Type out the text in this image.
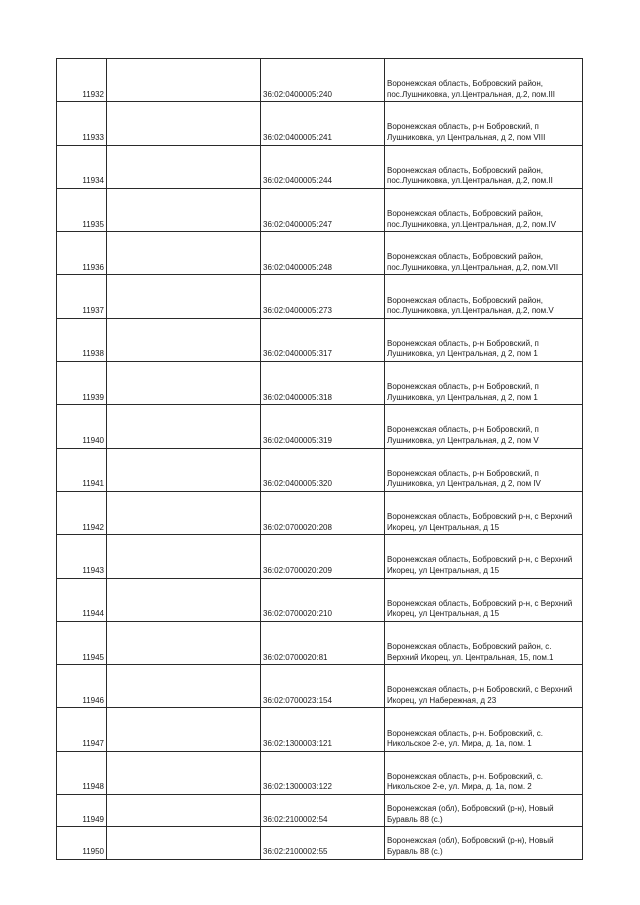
11932		36:02:0400005:240	Воронежская область, Бобровский район, пос.Лушниковка, ул.Центральная, д.2, пом.III
11933		36:02:0400005:241	Воронежская область, р-н Бобровский, п Лушниковка, ул Центральная, д 2, пом VIII
11934		36:02:0400005:244	Воронежская область, Бобровский район, пос.Лушниковка, ул.Центральная, д.2, пом.II
11935		36:02:0400005:247	Воронежская область, Бобровский район, пос.Лушниковка, ул.Центральная, д.2, пом.IV
11936		36:02:0400005:248	Воронежская область, Бобровский район, пос.Лушниковка, ул.Центральная, д.2, пом.VII
11937		36:02:0400005:273	Воронежская область, Бобровский район, пос.Лушниковка, ул.Центральная, д.2, пом.V
11938		36:02:0400005:317	Воронежская область, р-н Бобровский, п Лушниковка, ул Центральная, д 2, пом 1
11939		36:02:0400005:318	Воронежская область, р-н Бобровский, п Лушниковка, ул Центральная, д 2, пом 1
11940		36:02:0400005:319	Воронежская область, р-н Бобровский, п Лушниковка, ул Центральная, д 2, пом V
11941		36:02:0400005:320	Воронежская область, р-н Бобровский, п Лушниковка, ул Центральная, д 2, пом IV
11942		36:02:0700020:208	Воронежская область, Бобровский р-н, с Верхний Икорец, ул Центральная, д 15
11943		36:02:0700020:209	Воронежская область, Бобровский р-н, с Верхний Икорец, ул Центральная, д 15
11944		36:02:0700020:210	Воронежская область, Бобровский р-н, с Верхний Икорец, ул Центральная, д 15
11945		36:02:0700020:81	Воронежская область, Бобровский район, с. Верхний Икорец, ул. Центральная, 15, пом.1
11946		36:02:0700023:154	Воронежская область, р-н Бобровский, с Верхний Икорец, ул Набережная, д 23
11947		36:02:1300003:121	Воронежская область, р-н. Бобровский, с. Никольское 2-е, ул. Мира, д. 1а, пом. 1
11948		36:02:1300003:122	Воронежская область, р-н. Бобровский, с. Никольское 2-е, ул. Мира, д. 1а, пом. 2
11949		36:02:2100002:54	Воронежская (обл), Бобровский (р-н), Новый Буравль 88 (с.)
11950		36:02:2100002:55	Воронежская (обл), Бобровский (р-н), Новый Буравль 88 (с.)
